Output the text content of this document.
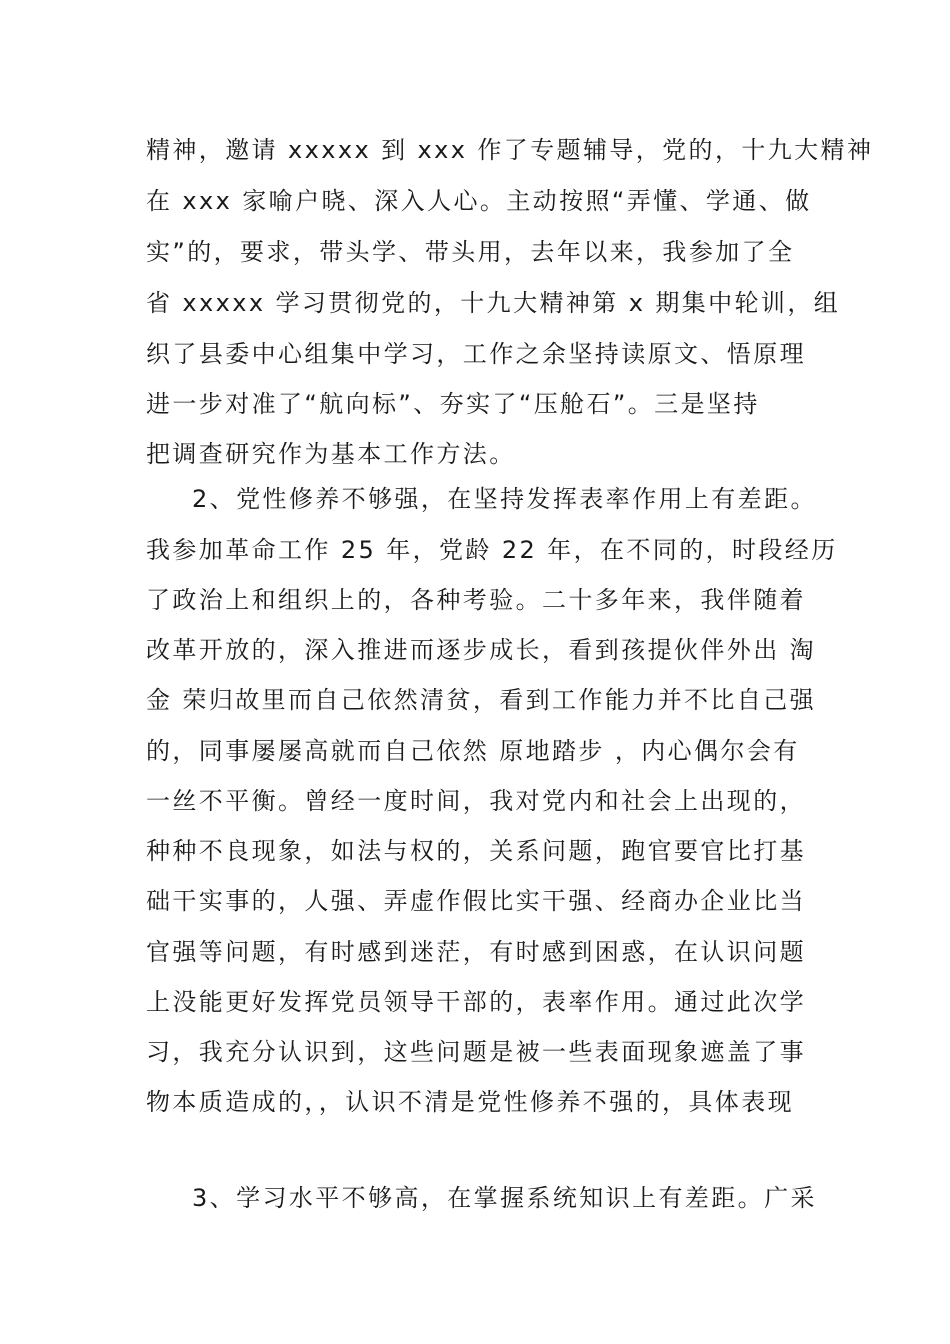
精神，邀请 xxxxx 到 xxx 作了专题辅导，党的，十九大精神
在 xxx 家喻户晓、深入人心。主动按照“弄懂、学通、做
实”的，要求，带头学、带头用，去年以来，我参加了全
省 xxxxx 学习贯彻党的，十九大精神第 x 期集中轮训，组
织了县委中心组集中学习，工作之余坚持读原文、悟原理
进一步对准了“航向标”、夯实了“压舱石”。三是坚持
把调查研究作为基本工作方法。
2、党性修养不够强，在坚持发挥表率作用上有差距。
我参加革命工作 25 年，党龄 22 年，在不同的，时段经历
了政治上和组织上的，各种考验。二十多年来，我伴随着
改革开放的，深入推进而逐步成长，看到孩提伙伴外出 淘
金 荣归故里而自己依然清贫，看到工作能力并不比自己强
的，同事屡屡高就而自己依然 原地踏步 ，内心偶尔会有
一丝不平衡。曾经一度时间，我对党内和社会上出现的，
种种不良现象，如法与权的，关系问题，跑官要官比打基
础干实事的，人强、弄虚作假比实干强、经商办企业比当
官强等问题，有时感到迷茫，有时感到困惑，在认识问题
上没能更好发挥党员领导干部的，表率作用。通过此次学
习，我充分认识到，这些问题是被一些表面现象遮盖了事
物本质造成的，，认识不清是党性修养不强的，具体表现
3、学习水平不够高，在掌握系统知识上有差距。广采
